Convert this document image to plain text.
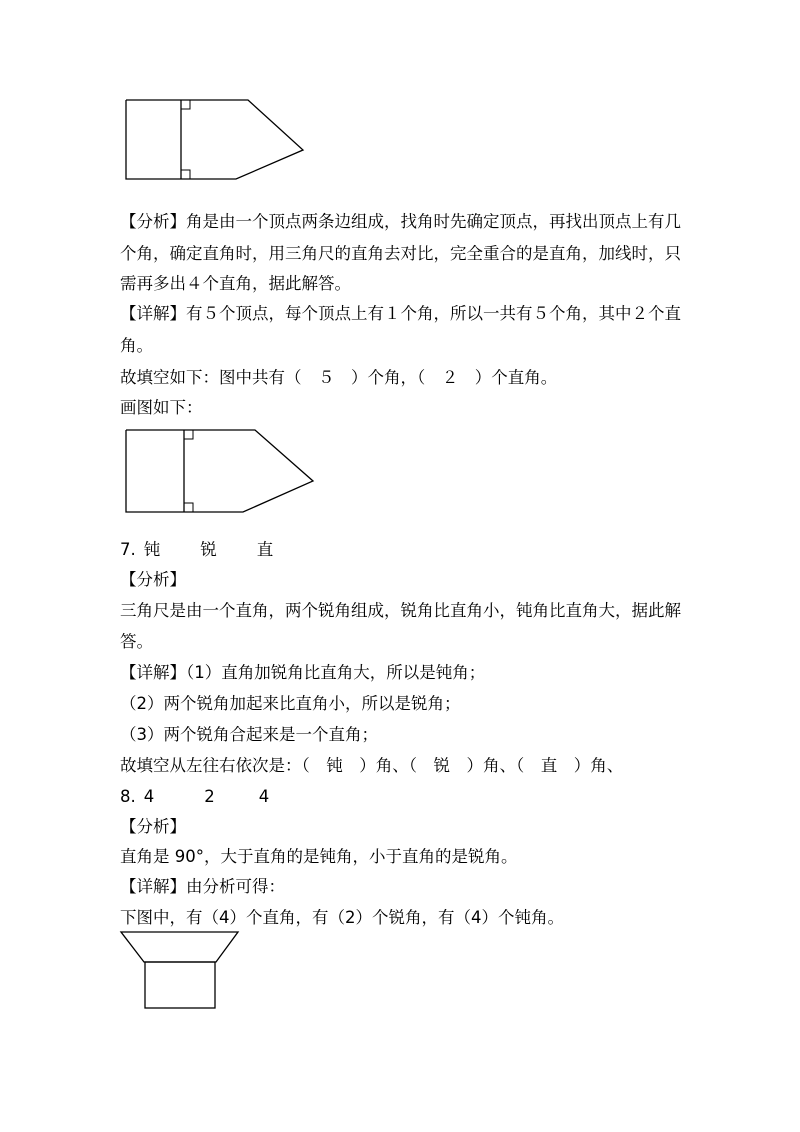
【分析】角是由一个顶点两条边组成，找角时先确定顶点，再找出顶点上有几
个角，确定直角时，用三角尺的直角去对比，完全重合的是直角，加线时，只
需再多出４个直角，据此解答。
【详解】有５个顶点，每个顶点上有１个角，所以一共有５个角，其中２个直
角。
故填空如下：图中共有（　５　）个角，（　２　）个直角。
画图如下：
7. 钝 锐 直
【分析】
三角尺是由一个直角，两个锐角组成，锐角比直角小，钝角比直角大，据此解
答。
【详解】（1）直角加锐角比直角大，所以是钝角；
（2）两个锐角加起来比直角小，所以是锐角；
（3）两个锐角合起来是一个直角；
故填空从左往右依次是：（　钝　）角、（　锐　）角、（　直　）角、
8. 4	2	4
【分析】
直角是 90°，大于直角的是钝角，小于直角的是锐角。
【详解】由分析可得：
下图中，有（4）个直角，有（2）个锐角，有（4）个钝角。
